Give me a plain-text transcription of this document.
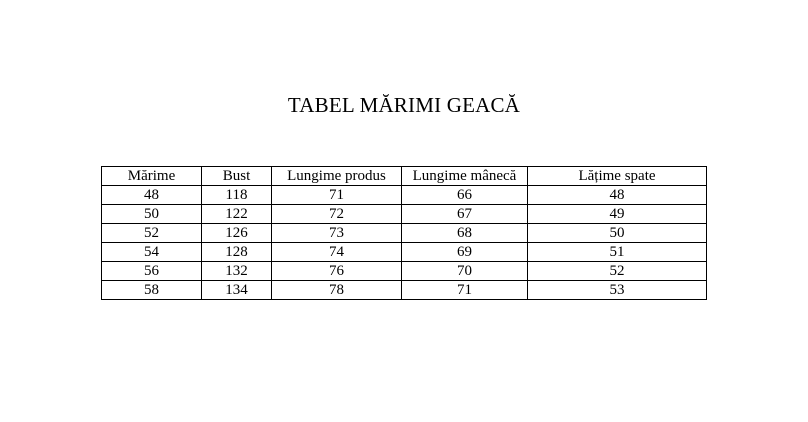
TABEL MĂRIMI GEACĂ
Mărime	Bust	Lungime produs	Lungime mânecă	Lățime spate
48	118	71	66	48
50	122	72	67	49
52	126	73	68	50
54	128	74	69	51
56	132	76	70	52
58	134	78	71	53
